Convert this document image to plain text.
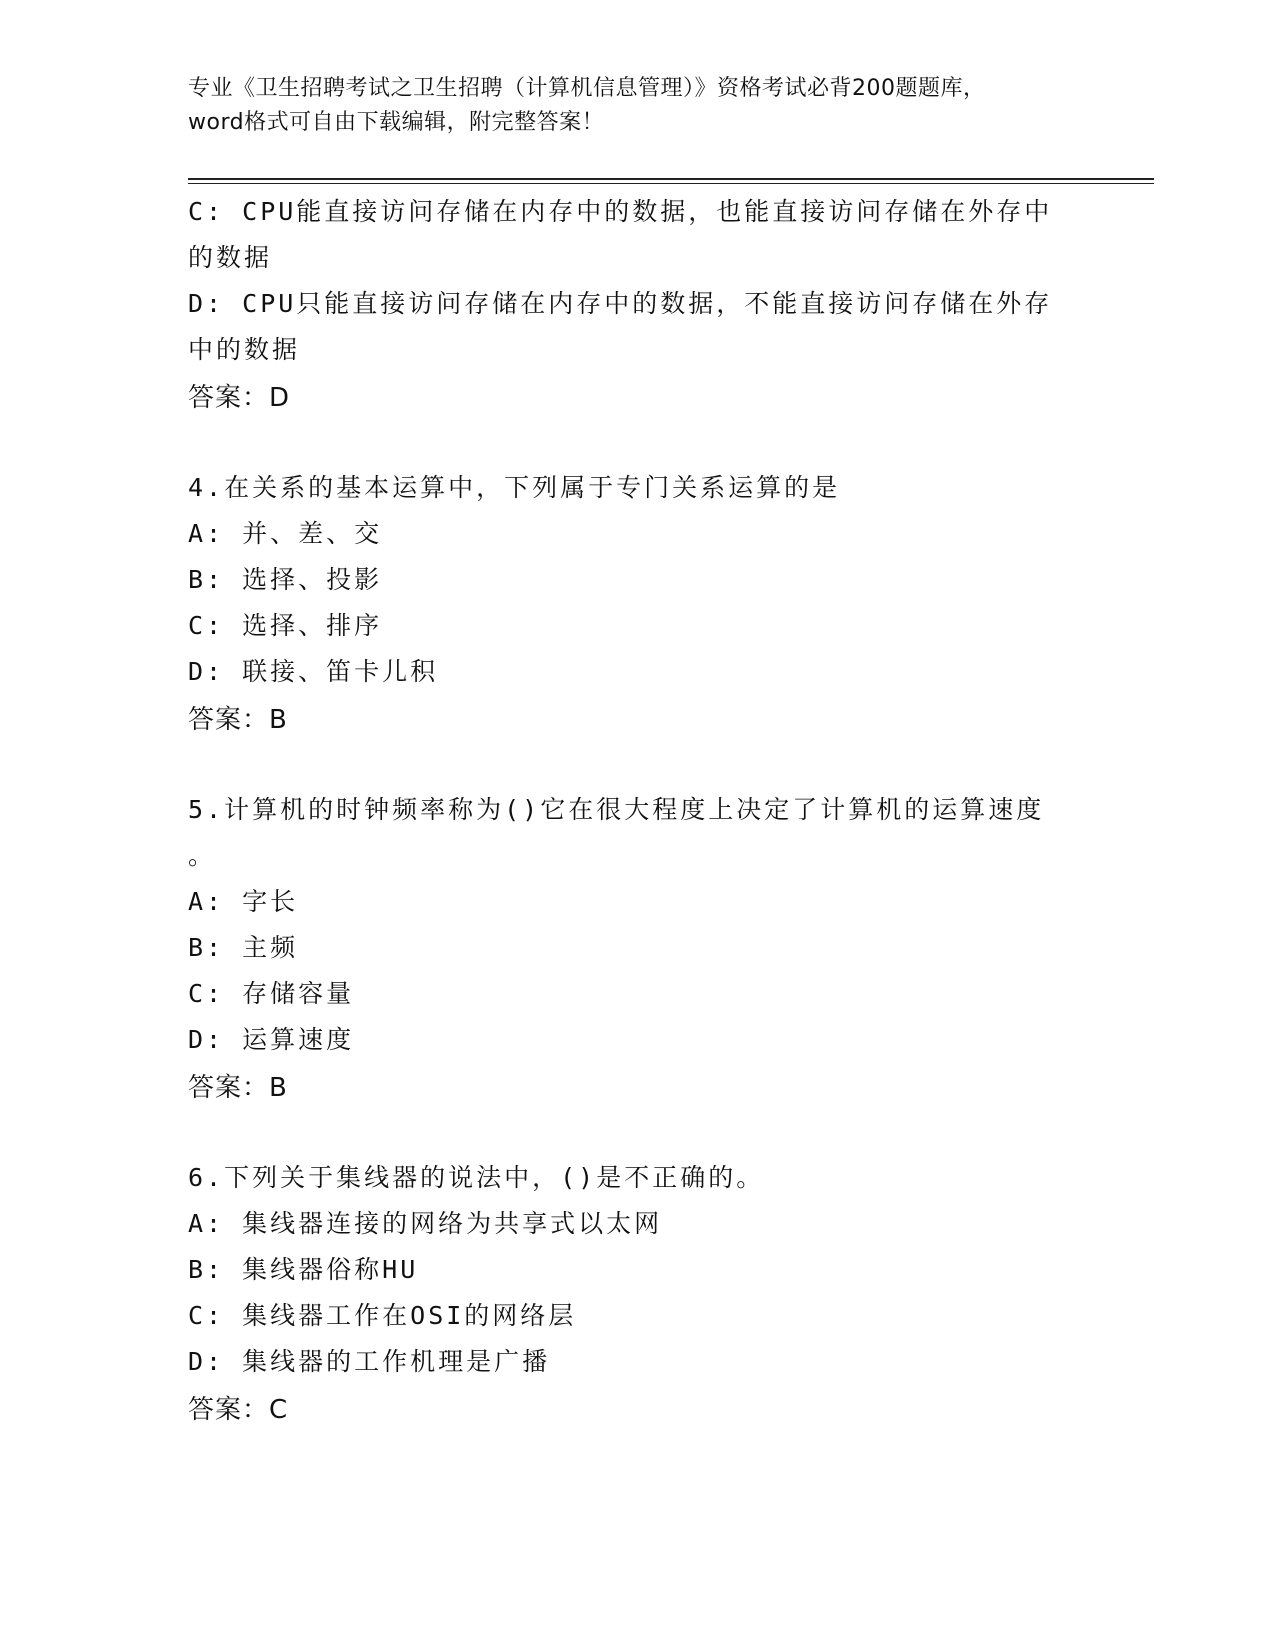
专业《卫生招聘考试之卫生招聘（计算机信息管理）》资格考试必背200题题库，
word格式可自由下载编辑，附完整答案！
C: CPU能直接访问存储在内存中的数据，也能直接访问存储在外存中
的数据
D: CPU只能直接访问存储在内存中的数据，不能直接访问存储在外存
中的数据
答案：D
4.在关系的基本运算中，下列属于专门关系运算的是
A: 并、差、交
B: 选择、投影
C: 选择、排序
D: 联接、笛卡儿积
答案：B
5.计算机的时钟频率称为()它在很大程度上决定了计算机的运算速度
。
A: 字长
B: 主频
C: 存储容量
D: 运算速度
答案：B
6.下列关于集线器的说法中，()是不正确的。
A: 集线器连接的网络为共享式以太网
B: 集线器俗称HU
C: 集线器工作在OSI的网络层
D: 集线器的工作机理是广播
答案：C
